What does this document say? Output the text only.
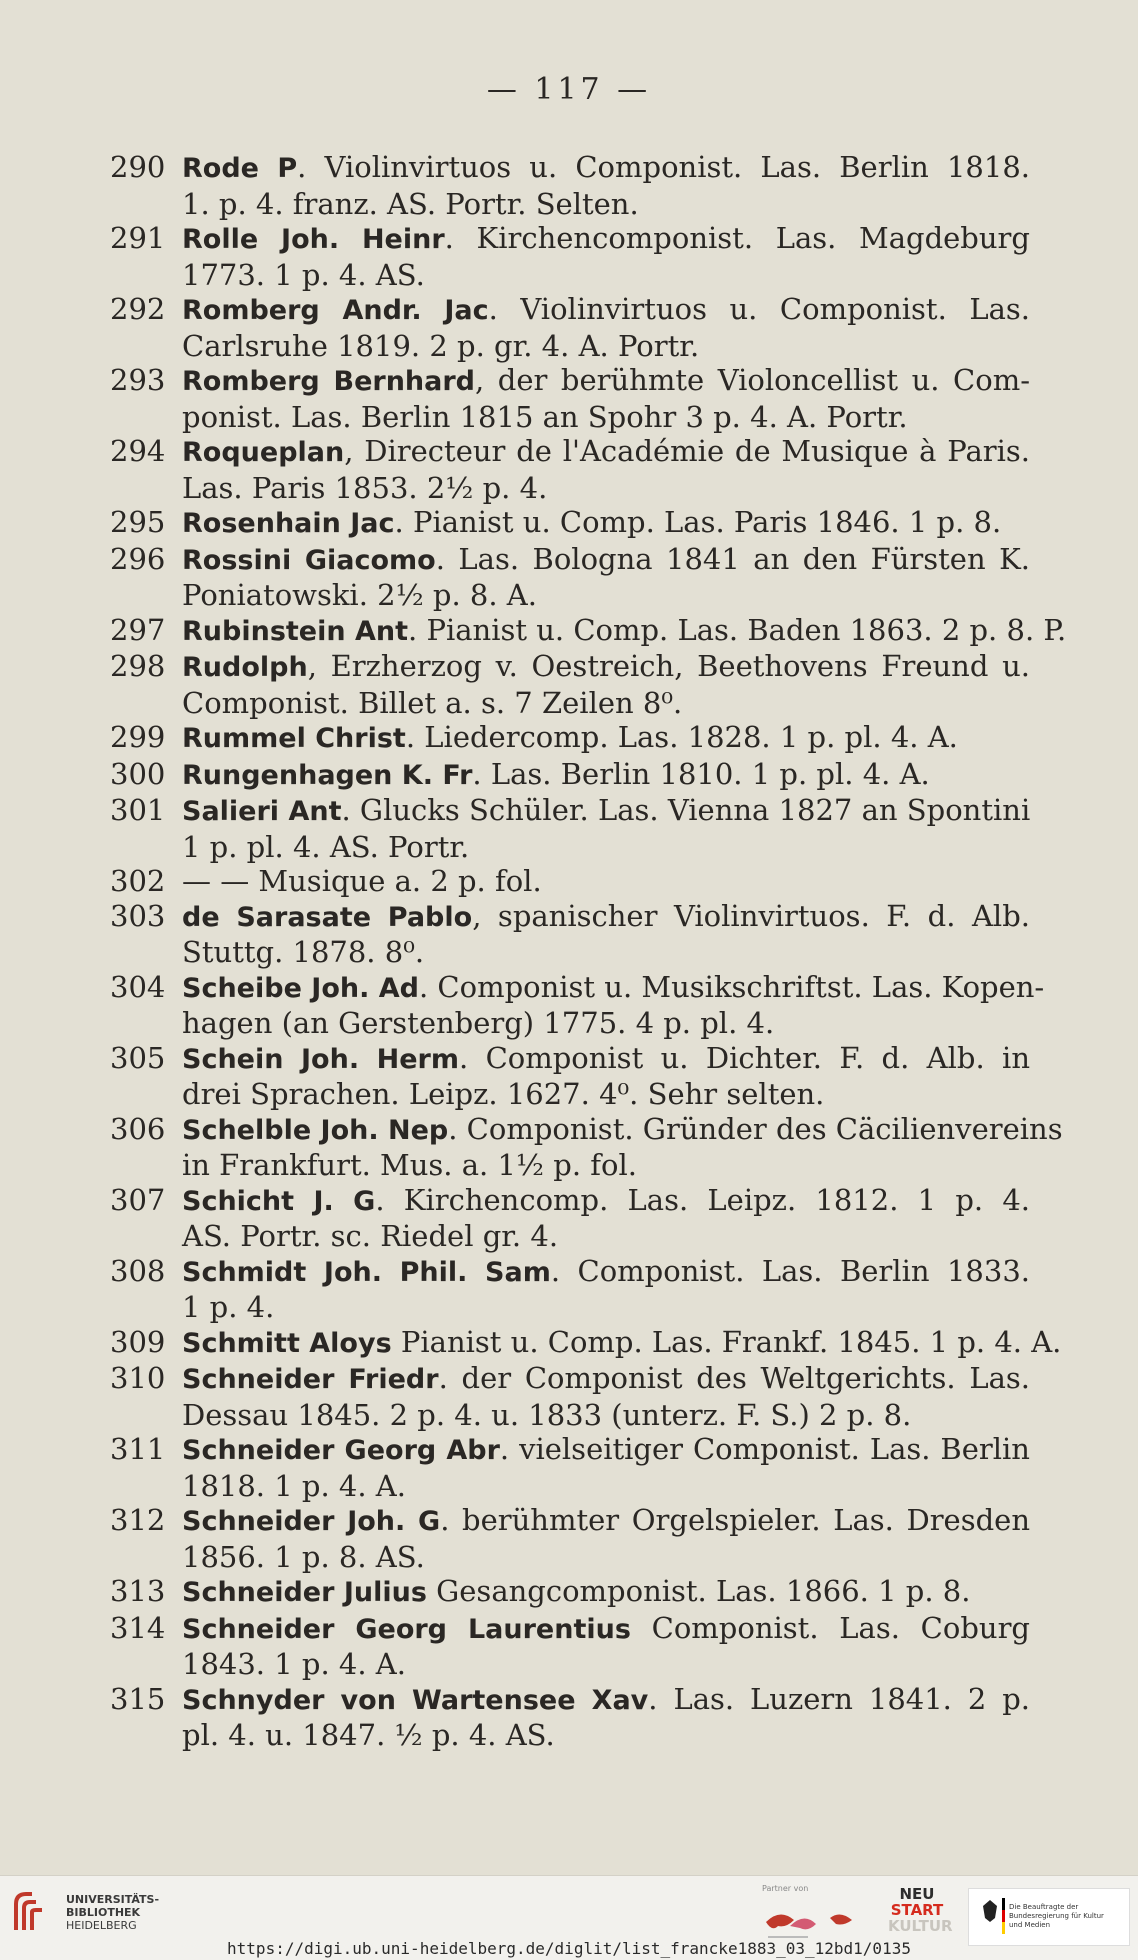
— 117 —
290 Rode P. Violinvirtuos u. Componist. Las. Berlin 1818.
1. p. 4. franz. AS. Portr. Selten.
291 Rolle Joh. Heinr. Kirchencomponist. Las. Magdeburg
1773. 1 p. 4. AS.
292 Romberg Andr. Jac. Violinvirtuos u. Componist. Las.
Carlsruhe 1819. 2 p. gr. 4. A. Portr.
293 Romberg Bernhard, der berühmte Violoncellist u. Com-
ponist. Las. Berlin 1815 an Spohr 3 p. 4. A. Portr.
294 Roqueplan, Directeur de l'Académie de Musique à Paris.
Las. Paris 1853. 2½ p. 4.
295 Rosenhain Jac. Pianist u. Comp. Las. Paris 1846. 1 p. 8.
296 Rossini Giacomo. Las. Bologna 1841 an den Fürsten K.
Poniatowski. 2½ p. 8. A.
297 Rubinstein Ant. Pianist u. Comp. Las. Baden 1863. 2 p. 8. P.
298 Rudolph, Erzherzog v. Oestreich, Beethovens Freund u.
Componist. Billet a. s. 7 Zeilen 8⁰.
299 Rummel Christ. Liedercomp. Las. 1828. 1 p. pl. 4. A.
300 Rungenhagen K. Fr. Las. Berlin 1810. 1 p. pl. 4. A.
301 Salieri Ant. Glucks Schüler. Las. Vienna 1827 an Spontini
1 p. pl. 4. AS. Portr.
302 — — Musique a. 2 p. fol.
303 de Sarasate Pablo, spanischer Violinvirtuos. F. d. Alb.
Stuttg. 1878. 8⁰.
304 Scheibe Joh. Ad. Componist u. Musikschriftst. Las. Kopen-
hagen (an Gerstenberg) 1775. 4 p. pl. 4.
305 Schein Joh. Herm. Componist u. Dichter. F. d. Alb. in
drei Sprachen. Leipz. 1627. 4⁰. Sehr selten.
306 Schelble Joh. Nep. Componist. Gründer des Cäcilienvereins
in Frankfurt. Mus. a. 1½ p. fol.
307 Schicht J. G. Kirchencomp. Las. Leipz. 1812. 1 p. 4.
AS. Portr. sc. Riedel gr. 4.
308 Schmidt Joh. Phil. Sam. Componist. Las. Berlin 1833.
1 p. 4.
309 Schmitt Aloys Pianist u. Comp. Las. Frankf. 1845. 1 p. 4. A.
310 Schneider Friedr. der Componist des Weltgerichts. Las.
Dessau 1845. 2 p. 4. u. 1833 (unterz. F. S.) 2 p. 8.
311 Schneider Georg Abr. vielseitiger Componist. Las. Berlin
1818. 1 p. 4. A.
312 Schneider Joh. G. berühmter Orgelspieler. Las. Dresden
1856. 1 p. 8. AS.
313 Schneider Julius Gesangcomponist. Las. 1866. 1 p. 8.
314 Schneider Georg Laurentius Componist. Las. Coburg
1843. 1 p. 4. A.
315 Schnyder von Wartensee Xav. Las. Luzern 1841. 2 p.
pl. 4. u. 1847. ½ p. 4. AS.
UNIVERSITÄTS-
BIBLIOTHEK
HEIDELBERG
Partner von	NEU
START
KULTUR
Die Beauftragte der Bundesregierung für Kultur und Medien
https://digi.ub.uni-heidelberg.de/diglit/list_francke1883_03_12bd1/0135
